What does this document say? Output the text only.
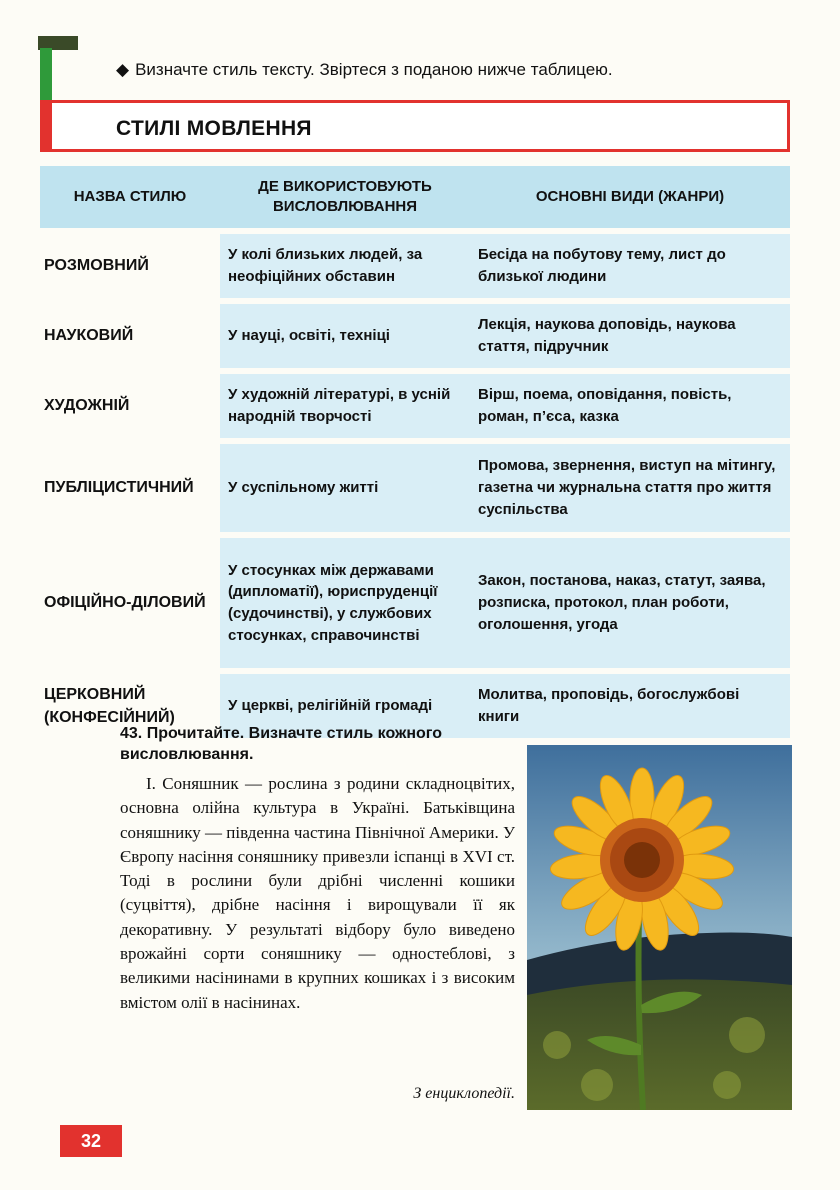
◆ Визначте стиль тексту. Звіртеся з поданою нижче таблицею.
СТИЛІ МОВЛЕННЯ
НАЗВА СТИЛЮ	ДЕ ВИКОРИСТОВУЮТЬ ВИСЛОВЛЮВАННЯ	ОСНОВНІ ВИДИ (ЖАНРИ)
РОЗМОВНИЙ	У колі близьких людей, за неофіційних обставин	Бесіда на побутову тему, лист до близької людини
НАУКОВИЙ	У науці, освіті, техніці	Лекція, наукова доповідь, наукова стаття, підручник
ХУДОЖНІЙ	У художній літературі, в усній народній творчості	Вірш, поема, оповідання, повість, роман, п’єса, казка
ПУБЛІЦИСТИЧНИЙ	У суспільному житті	Промова, звернення, виступ на мітингу, газетна чи журнальна стаття про життя суспільства
ОФІЦІЙНО-ДІЛОВИЙ	У стосунках між державами (дипломатії), юриспруденції (судочинстві), у службових стосунках, справочинстві	Закон, постанова, наказ, статут, заява, розписка, протокол, план роботи, оголошення, угода
ЦЕРКОВНИЙ (КОНФЕСІЙНИЙ)	У церкві, релігійній громаді	Молитва, проповідь, богослужбові книги
43. Прочитайте. Визначте стиль кожного висловлювання.
I. Соняшник — рослина з родини складноцвітих, основна олійна культура в Україні. Батьківщина соняшнику — південна частина Північної Америки. У Європу насіння соняшнику привезли іспанці в XVI ст. Тоді в рослини були дрібні численні кошики (суцвіття), дрібне насіння і вирощували її як декоративну. У результаті відбору було виведено врожайні сорти соняшнику — одностеблові, з великими насінинами в крупних кошиках і з високим вмістом олії в насінинах.
З енциклопедії.
32
